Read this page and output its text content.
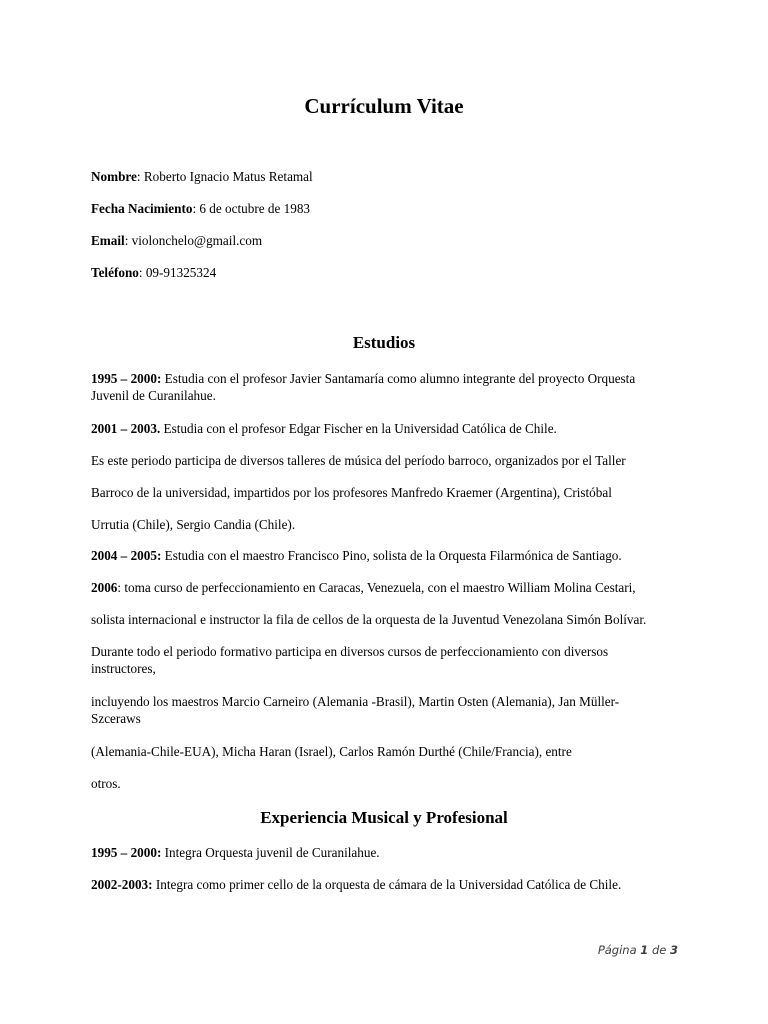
Currículum Vitae
Nombre: Roberto Ignacio Matus Retamal
Fecha Nacimiento: 6 de octubre de 1983
Email: violonchelo@gmail.com
Teléfono: 09-91325324
Estudios
1995 – 2000: Estudia con el profesor Javier Santamaría como alumno integrante del proyecto Orquesta
Juvenil de Curanilahue.
2001 – 2003. Estudia con el profesor Edgar Fischer en la Universidad Católica de Chile.
Es este periodo participa de diversos talleres de música del período barroco, organizados por el Taller
Barroco de la universidad, impartidos por los profesores Manfredo Kraemer (Argentina), Cristóbal
Urrutia (Chile), Sergio Candia (Chile).
2004 – 2005: Estudia con el maestro Francisco Pino, solista de la Orquesta Filarmónica de Santiago.
2006: toma curso de perfeccionamiento en Caracas, Venezuela, con el maestro William Molina Cestari,
solista internacional e instructor la fila de cellos de la orquesta de la Juventud Venezolana Simón Bolívar.
Durante todo el periodo formativo participa en diversos cursos de perfeccionamiento con diversos
instructores,
incluyendo los maestros Marcio Carneiro (Alemania -Brasil), Martin Osten (Alemania), Jan Müller-
Szceraws
(Alemania-Chile-EUA), Micha Haran (Israel), Carlos Ramón Durthé (Chile/Francia), entre
otros.
Experiencia Musical y Profesional
1995 – 2000: Integra Orquesta juvenil de Curanilahue.
2002-2003: Integra como primer cello de la orquesta de cámara de la Universidad Católica de Chile.
Página 1 de 3
